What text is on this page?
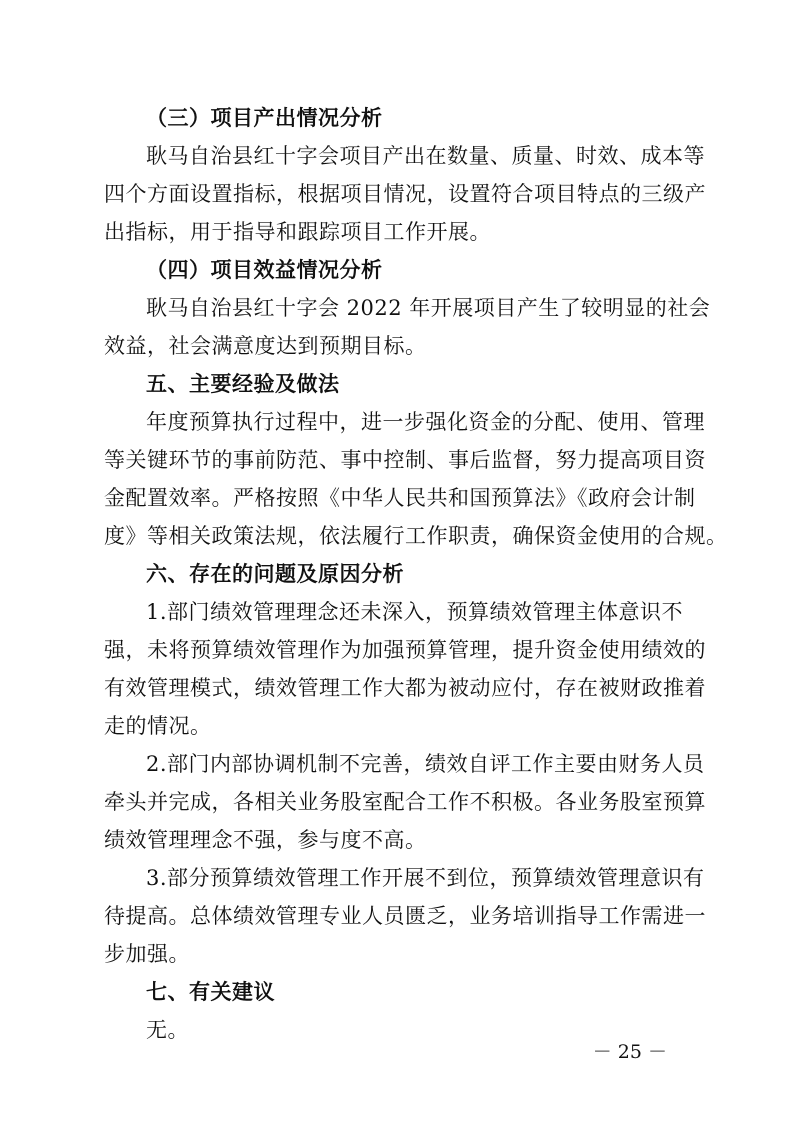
（三）项目产出情况分析
耿马自治县红十字会项目产出在数量、质量、时效、成本等
四个方面设置指标，根据项目情况，设置符合项目特点的三级产
出指标，用于指导和跟踪项目工作开展。
（四）项目效益情况分析
耿马自治县红十字会 2022 年开展项目产生了较明显的社会
效益，社会满意度达到预期目标。
五、主要经验及做法
年度预算执行过程中，进一步强化资金的分配、使用、管理
等关键环节的事前防范、事中控制、事后监督，努力提高项目资
金配置效率。严格按照《中华人民共和国预算法》《政府会计制
度》等相关政策法规，依法履行工作职责，确保资金使用的合规。
六、存在的问题及原因分析
1.部门绩效管理理念还未深入，预算绩效管理主体意识不
强，未将预算绩效管理作为加强预算管理，提升资金使用绩效的
有效管理模式，绩效管理工作大都为被动应付，存在被财政推着
走的情况。
2.部门内部协调机制不完善，绩效自评工作主要由财务人员
牵头并完成，各相关业务股室配合工作不积极。各业务股室预算
绩效管理理念不强，参与度不高。
3.部分预算绩效管理工作开展不到位，预算绩效管理意识有
待提高。总体绩效管理专业人员匮乏，业务培训指导工作需进一
步加强。
七、有关建议
无。
－ 25 －
